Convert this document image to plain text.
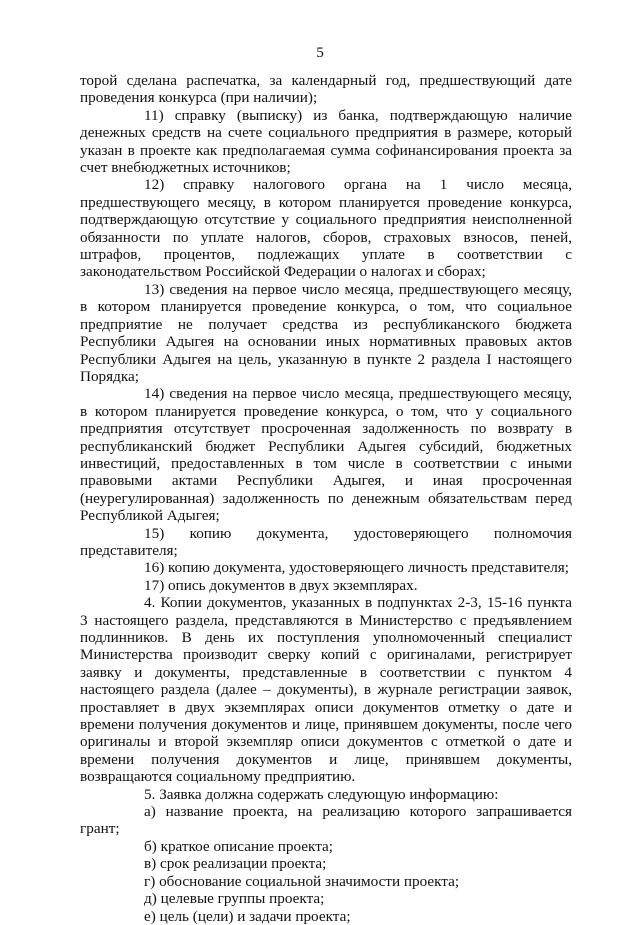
5

торой сделана распечатка, за календарный год, предшествующий дате проведения конкурса (при наличии);

11) справку (выписку) из банка, подтверждающую наличие денежных средств на счете социального предприятия в размере, который указан в проекте как предполагаемая сумма софинансирования проекта за счет внебюджетных источников;

12) справку налогового органа на 1 число месяца, предшествующего месяцу, в котором планируется проведение конкурса, подтверждающую отсутствие у социального предприятия неисполненной обязанности по уплате налогов, сборов, страховых взносов, пеней, штрафов, процентов, подлежащих уплате в соответствии с законодательством Российской Федерации о налогах и сборах;

13) сведения на первое число месяца, предшествующего месяцу, в котором планируется проведение конкурса, о том, что социальное предприятие не получает средства из республиканского бюджета Республики Адыгея на основании иных нормативных правовых актов Республики Адыгея на цель, указанную в пункте 2 раздела I настоящего Порядка;

14) сведения на первое число месяца, предшествующего месяцу, в котором планируется проведение конкурса, о том, что у социального предприятия отсутствует просроченная задолженность по возврату в республиканский бюджет Республики Адыгея субсидий, бюджетных инвестиций, предоставленных в том числе в соответствии с иными правовыми актами Республики Адыгея, и иная просроченная (неурегулированная) задолженность по денежным обязательствам перед Республикой Адыгея;

15) копию документа, удостоверяющего полномочия представителя;

16) копию документа, удостоверяющего личность представителя;

17) опись документов в двух экземплярах.

4. Копии документов, указанных в подпунктах 2-3, 15-16 пункта 3 настоящего раздела, представляются в Министерство с предъявлением подлинников. В день их поступления уполномоченный специалист Министерства производит сверку копий с оригиналами, регистрирует заявку и документы, представленные в соответствии с пунктом 4 настоящего раздела (далее – документы), в журнале регистрации заявок, проставляет в двух экземплярах описи документов отметку о дате и времени получения документов и лице, принявшем документы, после чего оригиналы и второй экземпляр описи документов с отметкой о дате и времени получения документов и лице, принявшем документы, возвращаются социальному предприятию.

5. Заявка должна содержать следующую информацию:

а) название проекта, на реализацию которого запрашивается грант;

б) краткое описание проекта;

в) срок реализации проекта;

г) обоснование социальной значимости проекта;

д) целевые группы проекта;

е) цель (цели) и задачи проекта;
